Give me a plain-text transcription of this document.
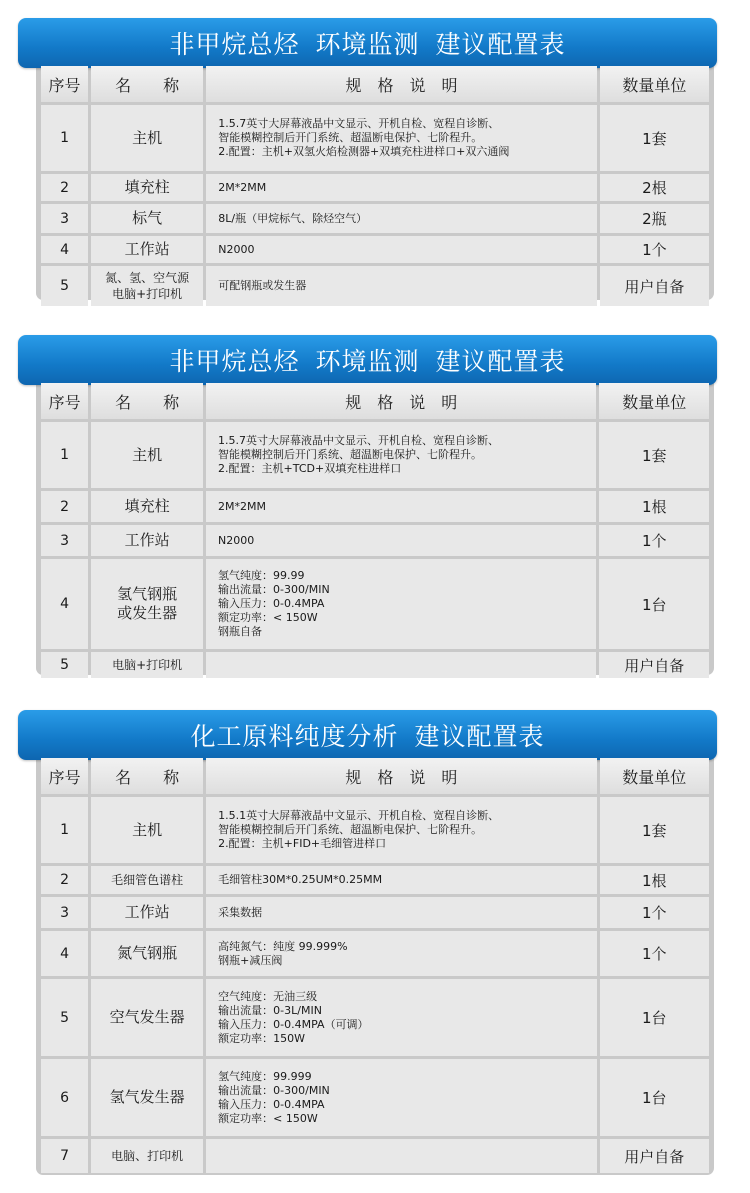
非甲烷总烃 环境监测 建议配置表
序号	名　　称	规　格　说　明	数量单位
1	主机	1.5.7英寸大屏幕液晶中文显示、开机自检、宽程自诊断、
智能模糊控制后开门系统、超温断电保护、七阶程升。
2.配置：主机+双氢火焰检测器+双填充柱进样口+双六通阀	1套
2	填充柱	2M*2MM	2根
3	标气	8L/瓶（甲烷标气、除烃空气）	2瓶
4	工作站	N2000	1个
5	氮、氢、空气源
电脑+打印机	可配钢瓶或发生器	用户自备
非甲烷总烃 环境监测 建议配置表
序号	名　　称	规　格　说　明	数量单位
1	主机	1.5.7英寸大屏幕液晶中文显示、开机自检、宽程自诊断、
智能模糊控制后开门系统、超温断电保护、七阶程升。
2.配置：主机+TCD+双填充柱进样口	1套
2	填充柱	2M*2MM	1根
3	工作站	N2000	1个
4	氢气钢瓶
或发生器	氢气纯度：99.99
输出流量：0-300/MIN
输入压力：0-0.4MPA
额定功率：< 150W
钢瓶自备	1台
5	电脑+打印机		用户自备
化工原料纯度分析 建议配置表
序号	名　　称	规　格　说　明	数量单位
1	主机	1.5.1英寸大屏幕液晶中文显示、开机自检、宽程自诊断、
智能模糊控制后开门系统、超温断电保护、七阶程升。
2.配置：主机+FID+毛细管进样口	1套
2	毛细管色谱柱	毛细管柱30M*0.25UM*0.25MM	1根
3	工作站	采集数据	1个
4	氮气钢瓶	高纯氮气：纯度 99.999%
钢瓶+减压阀	1个
5	空气发生器	空气纯度：无油三级
输出流量：0-3L/MIN
输入压力：0-0.4MPA（可调）
额定功率：150W	1台
6	氢气发生器	氢气纯度：99.999
输出流量：0-300/MIN
输入压力：0-0.4MPA
额定功率：< 150W	1台
7	电脑、打印机		用户自备
